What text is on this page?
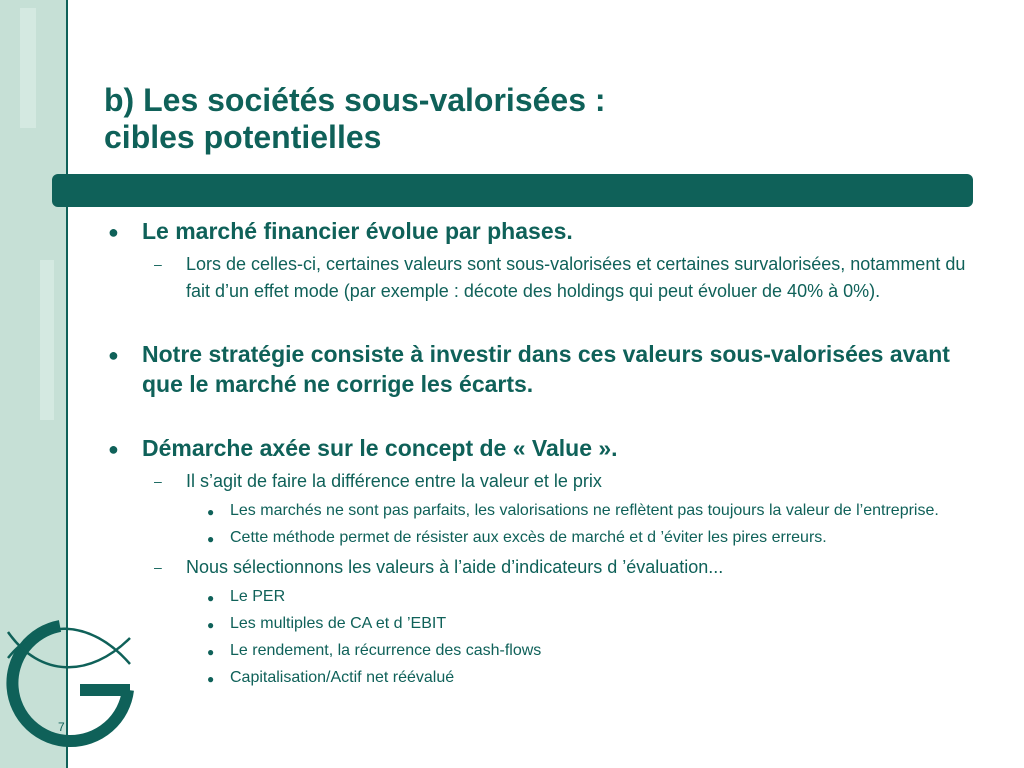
7
b) Les sociétés sous-valorisées :
cibles potentielles
● Le marché financier évolue par phases.
– Lors de celles-ci, certaines valeurs sont sous-valorisées et certaines survalorisées, notamment du fait d’un effet mode (par exemple : décote des holdings qui peut évoluer de 40% à 0%).
● Notre stratégie consiste à investir dans ces valeurs sous-valorisées avant que le marché ne corrige les écarts.
● Démarche axée sur le concept de « Value ».
– Il s’agit de faire la différence entre la valeur et le prix
● Les marchés ne sont pas parfaits, les valorisations ne reflètent pas toujours la valeur de l’entreprise.
● Cette méthode permet de résister aux excès de marché et d ’éviter les pires erreurs.
– Nous sélectionnons les valeurs à l’aide d’indicateurs d ’évaluation...
● Le PER
● Les multiples de CA et d ’EBIT
● Le rendement, la récurrence des cash-flows
● Capitalisation/Actif net réévalué
